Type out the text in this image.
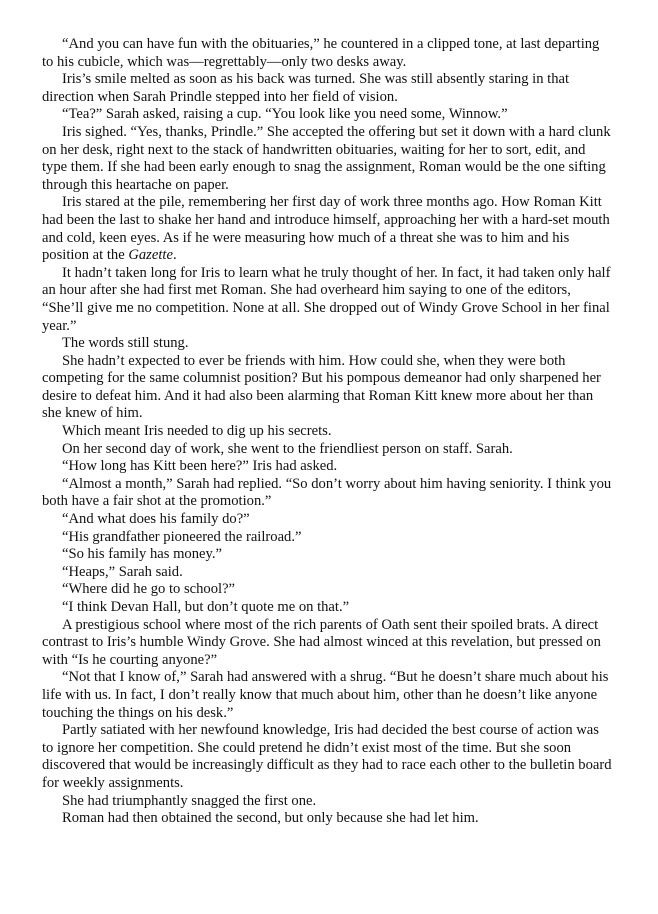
“And you can have fun with the obituaries,” he countered in a clipped tone, at last departing to his cubicle, which was—regrettably—only two desks away.

Iris’s smile melted as soon as his back was turned. She was still absently staring in that direction when Sarah Prindle stepped into her field of vision.

“Tea?” Sarah asked, raising a cup. “You look like you need some, Winnow.”

Iris sighed. “Yes, thanks, Prindle.” She accepted the offering but set it down with a hard clunk on her desk, right next to the stack of handwritten obituaries, waiting for her to sort, edit, and type them. If she had been early enough to snag the assignment, Roman would be the one sifting through this heartache on paper.

Iris stared at the pile, remembering her first day of work three months ago. How Roman Kitt had been the last to shake her hand and introduce himself, approaching her with a hard-set mouth and cold, keen eyes. As if he were measuring how much of a threat she was to him and his position at the Gazette.

It hadn’t taken long for Iris to learn what he truly thought of her. In fact, it had taken only half an hour after she had first met Roman. She had overheard him saying to one of the editors, “She’ll give me no competition. None at all. She dropped out of Windy Grove School in her final year.”

The words still stung.

She hadn’t expected to ever be friends with him. How could she, when they were both competing for the same columnist position? But his pompous demeanor had only sharpened her desire to defeat him. And it had also been alarming that Roman Kitt knew more about her than she knew of him.

Which meant Iris needed to dig up his secrets.

On her second day of work, she went to the friendliest person on staff. Sarah.

“How long has Kitt been here?” Iris had asked.

“Almost a month,” Sarah had replied. “So don’t worry about him having seniority. I think you both have a fair shot at the promotion.”

“And what does his family do?”

“His grandfather pioneered the railroad.”

“So his family has money.”

“Heaps,” Sarah said.

“Where did he go to school?”

“I think Devan Hall, but don’t quote me on that.”

A prestigious school where most of the rich parents of Oath sent their spoiled brats. A direct contrast to Iris’s humble Windy Grove. She had almost winced at this revelation, but pressed on with “Is he courting anyone?”

“Not that I know of,” Sarah had answered with a shrug. “But he doesn’t share much about his life with us. In fact, I don’t really know that much about him, other than he doesn’t like anyone touching the things on his desk.”

Partly satiated with her newfound knowledge, Iris had decided the best course of action was to ignore her competition. She could pretend he didn’t exist most of the time. But she soon discovered that would be increasingly difficult as they had to race each other to the bulletin board for weekly assignments.

She had triumphantly snagged the first one.

Roman had then obtained the second, but only because she had let him.
